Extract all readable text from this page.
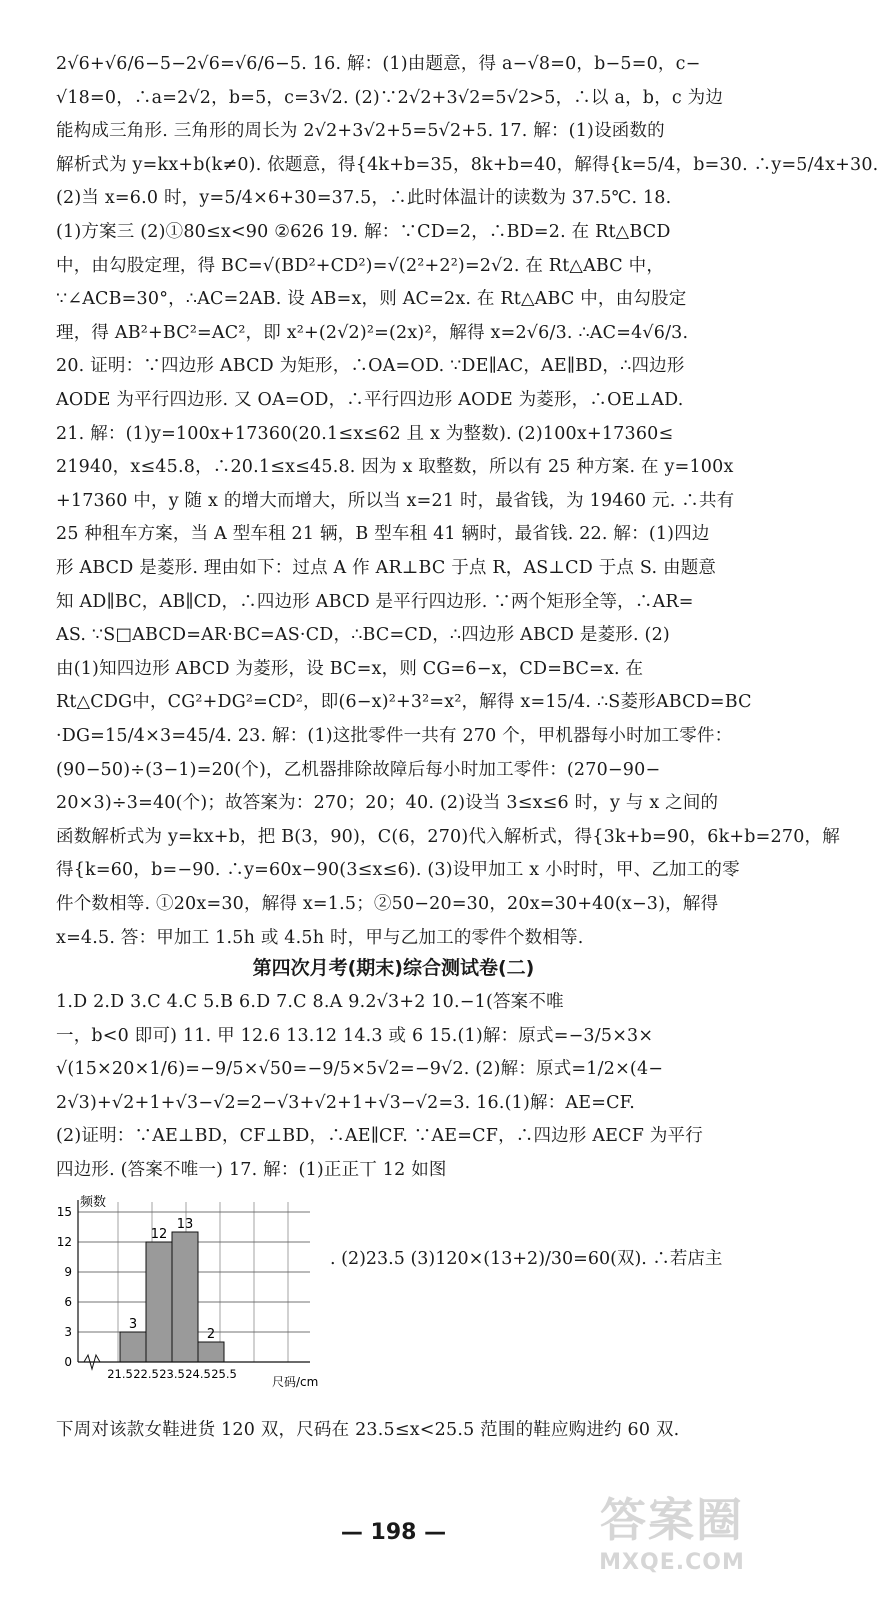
2√6+√6/6−5−2√6=√6/6−5. 16. 解：(1)由题意，得 a−√8=0，b−5=0，c−
√18=0，∴a=2√2，b=5，c=3√2. (2)∵2√2+3√2=5√2>5，∴以 a，b，c 为边
能构成三角形. 三角形的周长为 2√2+3√2+5=5√2+5. 17. 解：(1)设函数的
解析式为 y=kx+b(k≠0). 依题意，得{4k+b=35，8k+b=40，解得{k=5/4，b=30. ∴y=5/4x+30.
(2)当 x=6.0 时，y=5/4×6+30=37.5，∴此时体温计的读数为 37.5℃. 18.
(1)方案三 (2)①80≤x<90 ②626 19. 解：∵CD=2，∴BD=2. 在 Rt△BCD
中，由勾股定理，得 BC=√(BD²+CD²)=√(2²+2²)=2√2. 在 Rt△ABC 中，
∵∠ACB=30°，∴AC=2AB. 设 AB=x，则 AC=2x. 在 Rt△ABC 中，由勾股定
理，得 AB²+BC²=AC²，即 x²+(2√2)²=(2x)²，解得 x=2√6/3. ∴AC=4√6/3.
20. 证明：∵四边形 ABCD 为矩形，∴OA=OD. ∵DE∥AC，AE∥BD，∴四边形
AODE 为平行四边形. 又 OA=OD，∴平行四边形 AODE 为菱形，∴OE⊥AD.
21. 解：(1)y=100x+17360(20.1≤x≤62 且 x 为整数). (2)100x+17360≤
21940，x≤45.8，∴20.1≤x≤45.8. 因为 x 取整数，所以有 25 种方案. 在 y=100x
+17360 中，y 随 x 的增大而增大，所以当 x=21 时，最省钱，为 19460 元. ∴共有
25 种租车方案，当 A 型车租 21 辆，B 型车租 41 辆时，最省钱. 22. 解：(1)四边
形 ABCD 是菱形. 理由如下：过点 A 作 AR⊥BC 于点 R，AS⊥CD 于点 S. 由题意
知 AD∥BC，AB∥CD，∴四边形 ABCD 是平行四边形. ∵两个矩形全等，∴AR=
AS. ∵S□ABCD=AR·BC=AS·CD，∴BC=CD，∴四边形 ABCD 是菱形. (2)
由(1)知四边形 ABCD 为菱形，设 BC=x，则 CG=6−x，CD=BC=x. 在
Rt△CDG中，CG²+DG²=CD²，即(6−x)²+3²=x²，解得 x=15/4. ∴S菱形ABCD=BC
·DG=15/4×3=45/4. 23. 解：(1)这批零件一共有 270 个，甲机器每小时加工零件：
(90−50)÷(3−1)=20(个)，乙机器排除故障后每小时加工零件：(270−90−
20×3)÷3=40(个)；故答案为：270；20；40. (2)设当 3≤x≤6 时，y 与 x 之间的
函数解析式为 y=kx+b，把 B(3，90)，C(6，270)代入解析式，得{3k+b=90，6k+b=270，解
得{k=60，b=−90. ∴y=60x−90(3≤x≤6). (3)设甲加工 x 小时时，甲、乙加工的零
件个数相等. ①20x=30，解得 x=1.5；②50−20=30，20x=30+40(x−3)，解得
x=4.5. 答：甲加工 1.5h 或 4.5h 时，甲与乙加工的零件个数相等.
第四次月考(期末)综合测试卷(二)
1.D 2.D 3.C 4.C 5.B 6.D 7.C 8.A 9.2√3+2 10.−1(答案不唯
一，b<0 即可) 11. 甲 12.6 13.12 14.3 或 6 15.(1)解：原式=−3/5×3×
√(15×20×1/6)=−9/5×√50=−9/5×5√2=−9√2. (2)解：原式=1/2×(4−
2√3)+√2+1+√3−√2=2−√3+√2+1+√3−√2=3. 16.(1)解：AE=CF.
(2)证明：∵AE⊥BD，CF⊥BD，∴AE∥CF. ∵AE=CF，∴四边形 AECF 为平行
四边形. (答案不唯一) 17. 解：(1)正正丅 12 如图
3
12
13
2
0
3
6
9
12
15
21.5 22.5 23.5 24.5 25.5
频数
尺码/cm
. (2)23.5 (3)120×(13+2)/30=60(双). ∴若店主
下周对该款女鞋进货 120 双，尺码在 23.5≤x<25.5 范围的鞋应购进约 60 双.
— 198 —	答案圈
MXQE.COM
